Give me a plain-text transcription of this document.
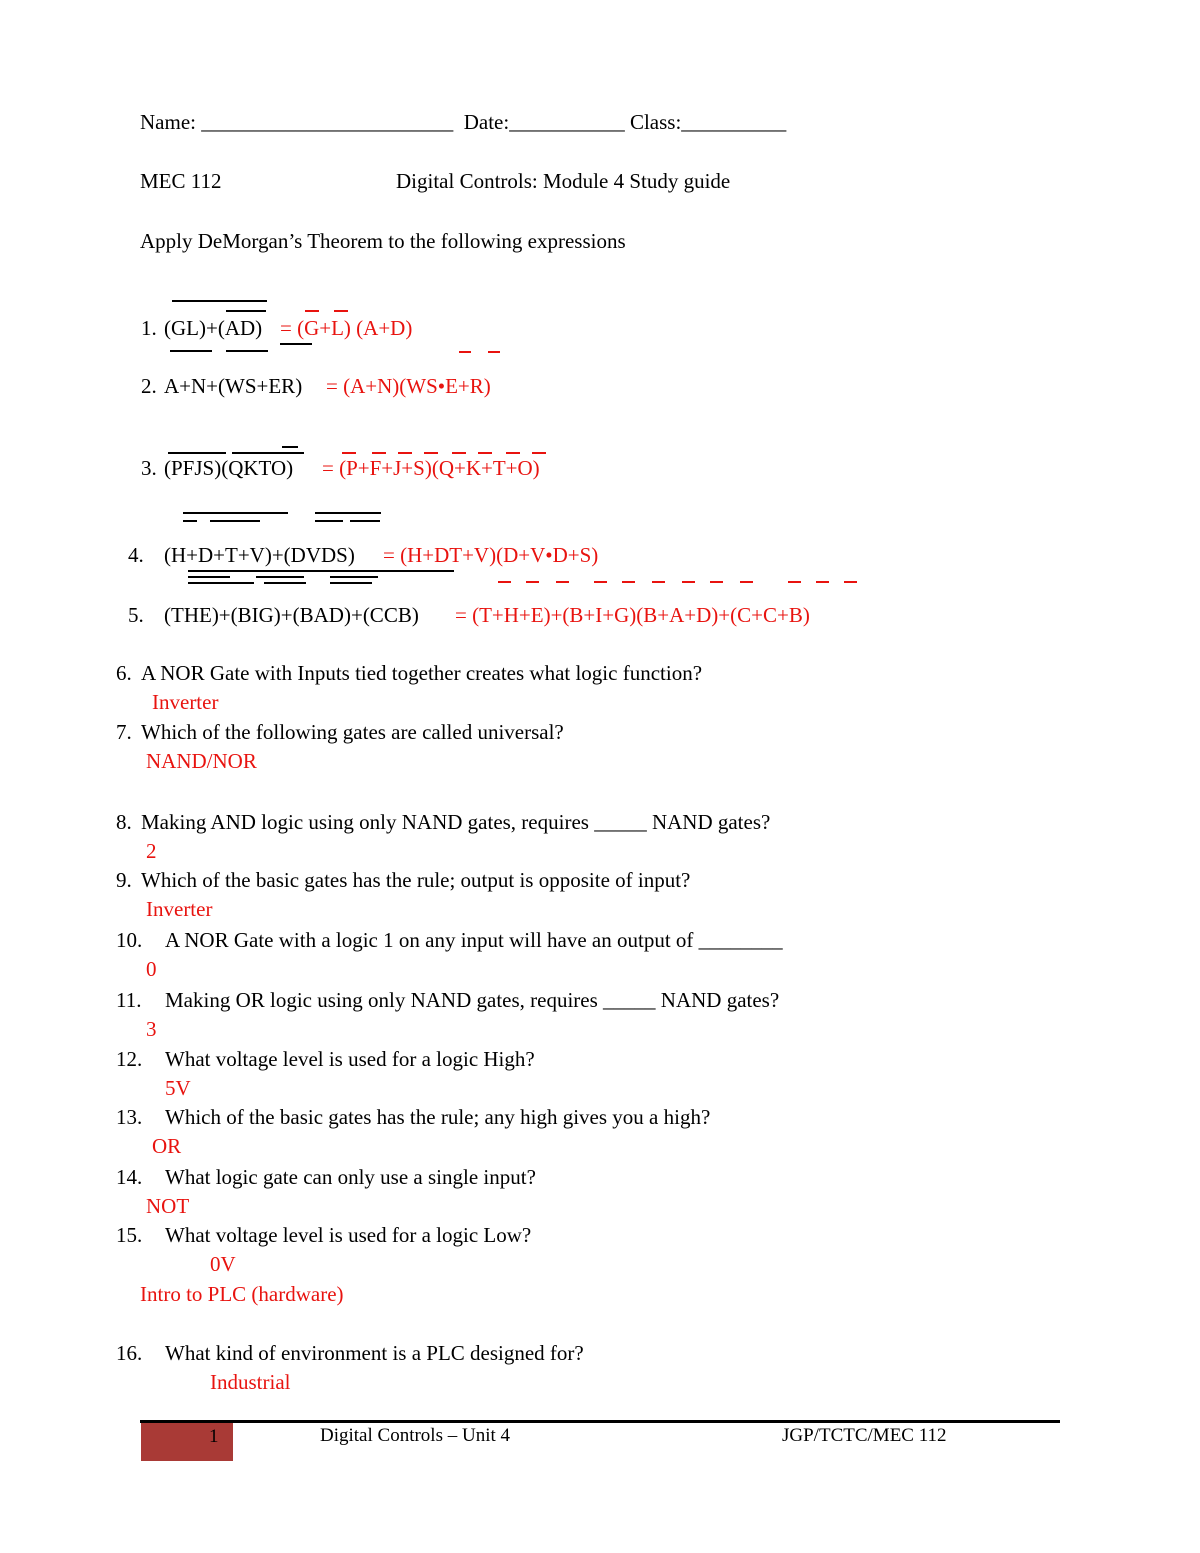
Name: ________________________  Date:___________ Class:__________
MEC 112	Digital Controls: Module 4 Study guide
Apply DeMorgan’s Theorem to the following expressions
1. (GL)+(AD) = (G+L) (A+D)
2. A+N+(WS+ER) = (A+N)(WS•E+R)
3. (PFJS)(QKTO) = (P+F+J+S)(Q+K+T+O)
4. (H+D+T+V)+(DVDS) = (H+DT+V)(D+V•D+S)
5. (THE)+(BIG)+(BAD)+(CCB) = (T+H+E)+(B+I+G)(B+A+D)+(C+C+B)
6. A NOR Gate with Inputs tied together creates what logic function?
Inverter
7. Which of the following gates are called universal?
NAND/NOR
8. Making AND logic using only NAND gates, requires _____ NAND gates?
2
9. Which of the basic gates has the rule; output is opposite of input?
Inverter
10. A NOR Gate with a logic 1 on any input will have an output of ________
0
11. Making OR logic using only NAND gates, requires _____ NAND gates?
3
12. What voltage level is used for a logic High?
5V
13. Which of the basic gates has the rule; any high gives you a high?
OR
14. What logic gate can only use a single input?
NOT
15. What voltage level is used for a logic Low?
0V
Intro to PLC (hardware)
16. What kind of environment is a PLC designed for?
Industrial
1	Digital Controls – Unit 4	JGP/TCTC/MEC 112
